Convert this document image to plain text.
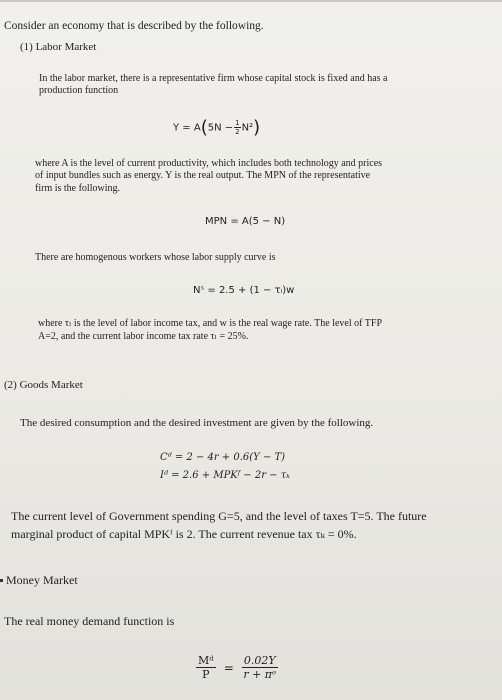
Consider an economy that is described by the following.
(1) Labor Market
In the labor market, there is a representative firm whose capital stock is fixed and has a
production function
$Y = A(5N - \frac{1}{2} N^2)$
where A is the level of current productivity, which includes both technology and prices
of input bundles such as energy. Y is the real output. The MPN of the representative
firm is the following.
MPN = A(5 − N)
There are homogenous workers whose labor supply curve is
Nˢ = 2.5 + (1 − τₗ)w
where τₗ is the level of labor income tax, and w is the real wage rate. The level of TFP
A=2, and the current labor income tax rate τₗ = 25%.
(2) Goods Market
The desired consumption and the desired investment are given by the following.
Cᵈ = 2 − 4r + 0.6(Y − T)
Iᵈ = 2.6 + MPKᶠ − 2r − τₖ
The current level of Government spending G=5, and the level of taxes T=5. The future
marginal product of capital MPKᶠ is 2. The current revenue tax τₖ = 0%.
Money Market
The real money demand function is
$\frac{\text{Mᵈ}}{P} = \frac{0.02Y}{\text{r + πᵉ}}$
